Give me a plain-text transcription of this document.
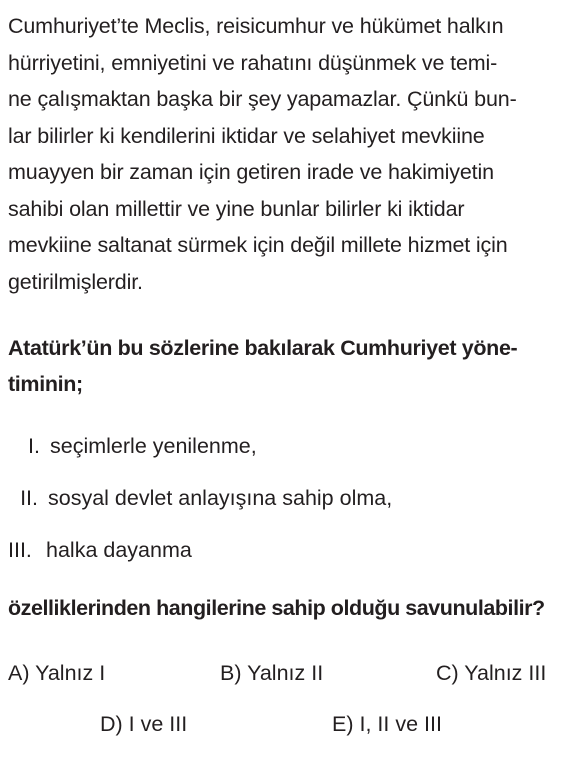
Cumhuriyet’te Meclis, reisicumhur ve hükümet halkın
hürriyetini, emniyetini ve rahatını düşünmek ve temi-
ne çalışmaktan başka bir şey yapamazlar. Çünkü bun-
lar bilirler ki kendilerini iktidar ve selahiyet mevkiine
muayyen bir zaman için getiren irade ve hakimiyetin
sahibi olan millettir ve yine bunlar bilirler ki iktidar
mevkiine saltanat sürmek için değil millete hizmet için
getirilmişlerdir.
Atatürk’ün bu sözlerine bakılarak Cumhuriyet yöne-
timinin;
I. seçimlerle yenilenme,
II. sosyal devlet anlayışına sahip olma,
III. halka dayanma
özelliklerinden hangilerine sahip olduğu savunulabilir?
A) Yalnız I	B) Yalnız II	C) Yalnız III
D) I ve III	E) I, II ve III
